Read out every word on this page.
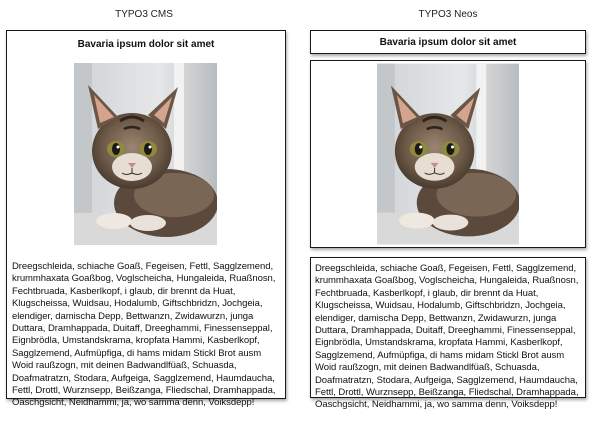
TYPO3 CMS	TYPO3 Neos
Bavaria ipsum dolor sit amet
Dreegschleida, schiache Goaß, Fegeisen, Fettl, Sagglzemend, krummhaxata Goaßbog, Voglscheicha, Hungaleida, Ruaßnosn, Fechtbruada, Kasberlkopf, i glaub, dir brennt da Huat, Klugscheissa, Wuidsau, Hodalumb, Giftschbridzn, Jochgeia, elendiger, damischa Depp, Bettwanzn, Zwidawurzn, junga Duttara, Dramhappada, Duitaff, Dreeghammi, Finessenseppal, Eignbrödla, Umstandskrama, kropfata Hammi, Kasberlkopf, Sagglzemend, Aufmüpfiga, di hams midam Stickl Brot ausm Woid raußzogn, mit deinen Badwandlfüaß, Schuasda, Doafmatratzn, Stodara, Aufgeiga, Sagglzemend, Haumdaucha, Fettl, Drottl, Wurznsepp, Beißzanga, Fliedschal, Dramhappada, Oaschgsicht, Neidhammi, ja, wo samma denn, Voiksdepp!
Bavaria ipsum dolor sit amet
Dreegschleida, schiache Goaß, Fegeisen, Fettl, Sagglzemend, krummhaxata Goaßbog, Voglscheicha, Hungaleida, Ruaßnosn, Fechtbruada, Kasberlkopf, i glaub, dir brennt da Huat, Klugscheissa, Wuidsau, Hodalumb, Giftschbridzn, Jochgeia, elendiger, damischa Depp, Bettwanzn, Zwidawurzn, junga Duttara, Dramhappada, Duitaff, Dreeghammi, Finessenseppal, Eignbrödla, Umstandskrama, kropfata Hammi, Kasberlkopf, Sagglzemend, Aufmüpfiga, di hams midam Stickl Brot ausm Woid raußzogn, mit deinen Badwandlfüaß, Schuasda, Doafmatratzn, Stodara, Aufgeiga, Sagglzemend, Haumdaucha, Fettl, Drottl, Wurznsepp, Beißzanga, Fliedschal, Dramhappada, Oaschgsicht, Neidhammi, ja, wo samma denn, Voiksdepp!
